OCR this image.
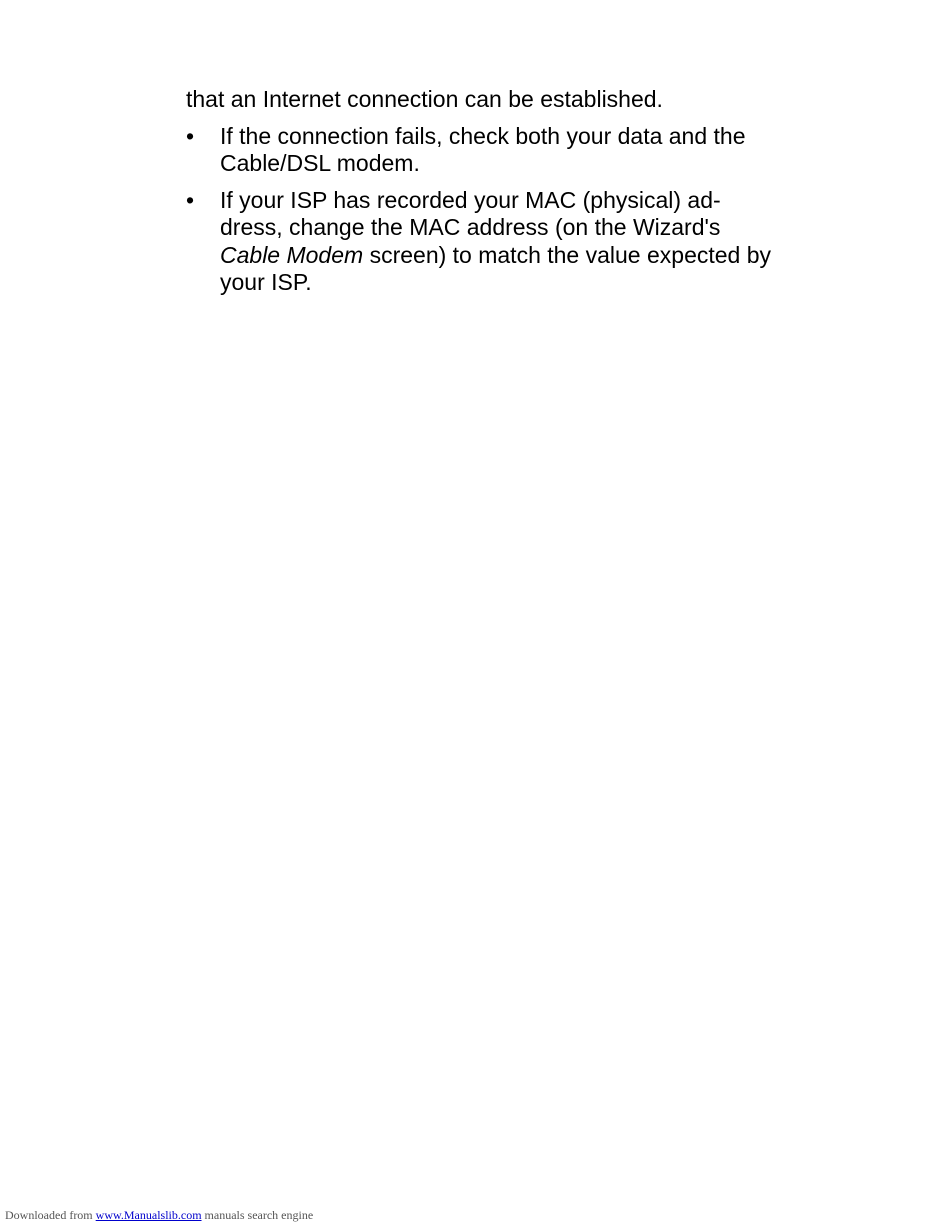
that an Internet connection can be established.

• If the connection fails, check both your data and the
Cable/DSL modem.
• If your ISP has recorded your MAC (physical) ad-
dress, change the MAC address (on the Wizard's
Cable Modem screen) to match the value expected by
your ISP.
Downloaded from www.Manualslib.com manuals search engine
